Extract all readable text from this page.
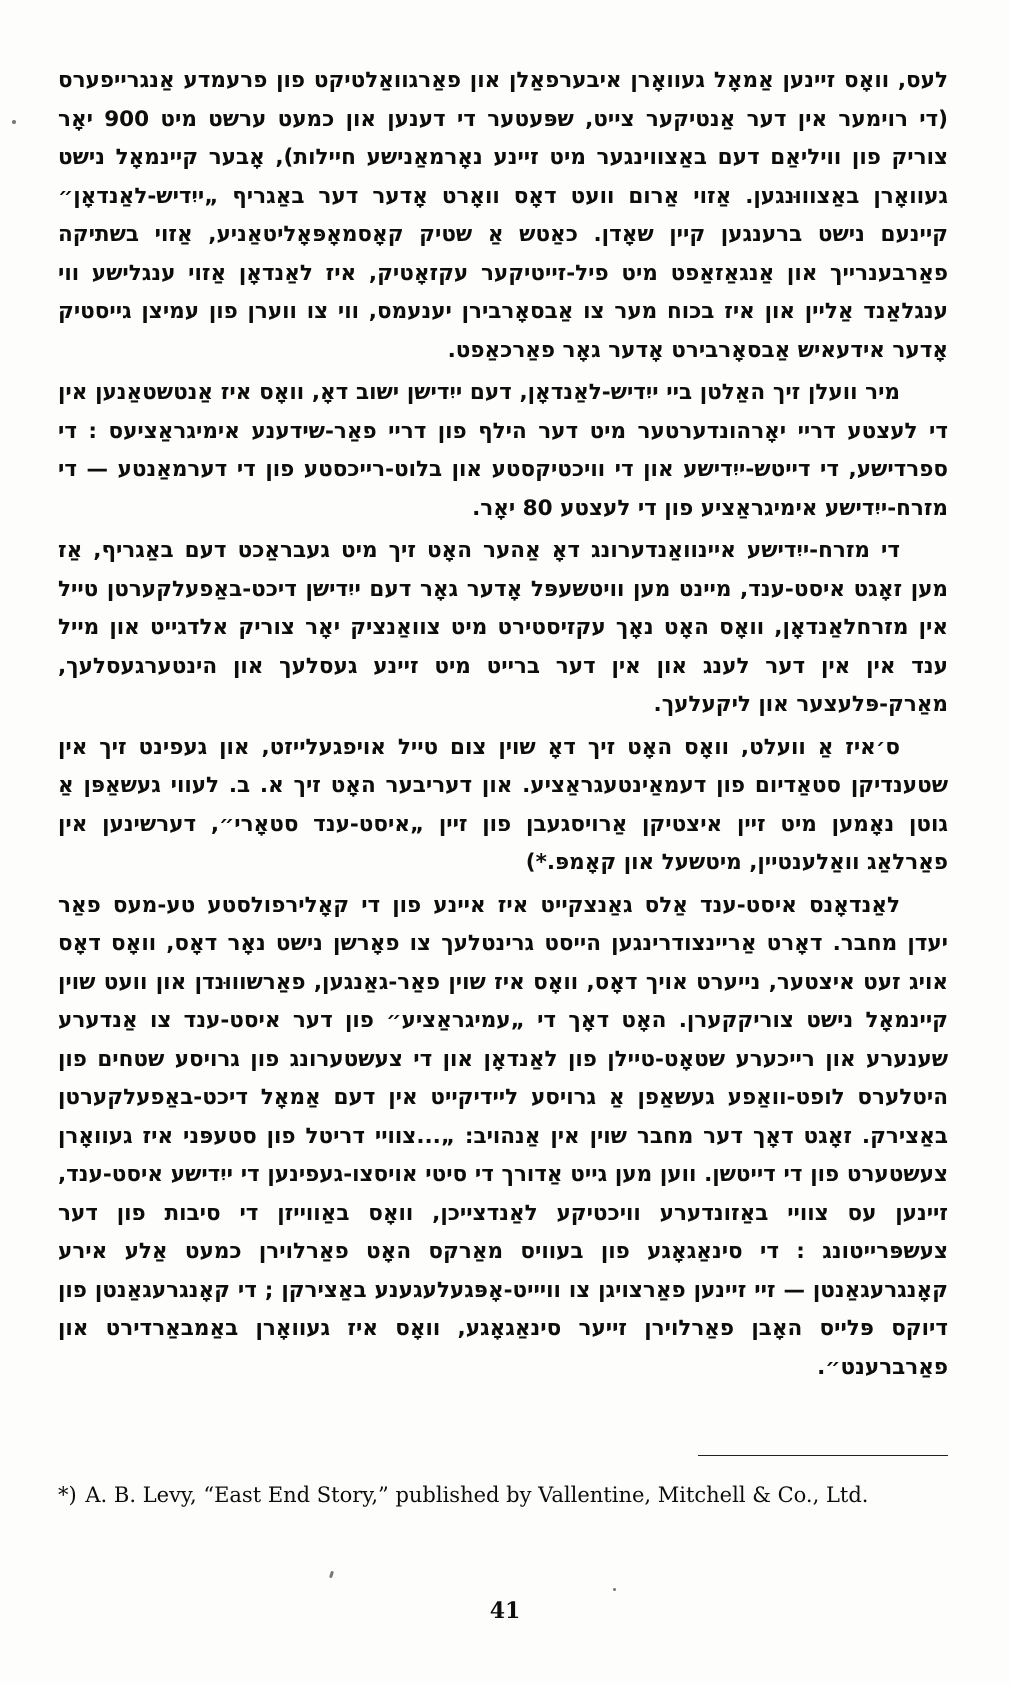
לעס, וואָס זיינען אַמאָל געוואָרן איבערפאַלן און פאַרגוואַלטיקט פון פרעמדע אַנגרייפערס (די רוימער אין דער אַנטיקער צייט, שפּעטער די דענען און כמעט ערשט מיט 900 יאָר צוריק פון וויליאַם דעם באַצווינגער מיט זיינע נאָרמאַנישע חיילות), אָבער קיינמאָל נישט געוואָרן באַצוווּנגען. אַזוי אַרום וועט דאָס וואָרט אָדער דער באַגריף „ייִדיש-לאַנדאָן״ קיינעם נישט ברענגען קיין שאָדן. כאַטש אַ שטיק קאָסמאָפּאָליטאַניע, אַזוי בשתיקה פאַרבענרייך און אַנגאַזאַפט מיט פיל-זייטיקער עקזאָטיק, איז לאַנדאָן אַזוי ענגלישע ווי ענגלאַנד אַליין און איז בכוח מער צו אַבסאָרבירן יענעמס, ווי צו ווערן פון עמיצן גייסטיק אָדער אידעאיש אַבסאָרבירט אָדער גאָר פאַרכאַפט.

מיר וועלן זיך האַלטן ביי ייִדיש-לאַנדאָן, דעם ייִדישן ישוב דאָ, וואָס איז אַנטשטאַנען אין די לעצטע דריי יאָרהונדערטער מיט דער הילף פון דריי פאַר-שידענע אימיגראַציעס : די ספרדישע, די דייטש-ייִדישע און די וויכטיקסטע און בלוט-רייכסטע פון די דערמאַנטע — די מזרח-ייִדישע אימיגראַציע פון די לעצטע 80 יאָר.

די מזרח-ייִדישע איינוואַנדערונג דאָ אַהער האָט זיך מיט געבראַכט דעם באַגריף, אַז מען זאָגט איסט-ענד, מיינט מען וויטשעפּל אָדער גאָר דעם ייִדישן דיכט-באַפעלקערטן טייל אין מזרחלאַנדאָן, וואָס האָט נאָך עקזיסטירט מיט צוואַנציק יאָר צוריק אלדגייט און מייל ענד אין אין דער לענג און אין דער ברייט מיט זיינע געסלעך און הינטערגעסלעך, מאַרק-פּלעצער און ליקעלעך.

ס׳איז אַ וועלט, וואָס האָט זיך דאָ שוין צום טייל אויפגעלייזט, און געפינט זיך אין שטענדיקן סטאַדיום פון דעמאַינטעגראַציע. און דעריבער האָט זיך א. ב. לעווי געשאַפּן אַ גוטן נאָמען מיט זיין איצטיקן אַרויסגעבן פון זיין „איסט-ענד סטאָרי״, דערשינען אין פאַרלאַג וואַלענטיין, מיטשעל און קאָמפּ.*)

לאַנדאָנס איסט-ענד אַלס גאַנצקייט איז איינע פון די קאָלירפולסטע טע-מעס פאַר יעדן מחבר. דאָרט אַריינצודרינגען הייסט גרינטלעך צו פאָרשן נישט נאָר דאָס, וואָס דאָס אויג זעט איצטער, נייערט אויך דאָס, וואָס איז שוין פאַר-גאַנגען, פאַרשוווּנדן און וועט שוין קיינמאָל נישט צוריקקערן. האָט דאָך די „עמיגראַציע״ פון דער איסט-ענד צו אַנדערע שענערע און רייכערע שטאָט-טיילן פון לאַנדאָן און די צעשטערונג פון גרויסע שטחים פון היטלערס לופט-וואַפע געשאַפן אַ גרויסע ליידיקייט אין דעם אַמאָל דיכט-באַפעלקערטן באַצירק. זאָגט דאָך דער מחבר שוין אין אַנהויב: „...צוויי דריטל פון סטעפּני איז געוואָרן צעשטערט פון די דייטשן. ווען מען גייט אַדורך די סיטי אויסצו-געפינען די ייִדישע איסט-ענד, זיינען עס צוויי באַזונדערע וויכטיקע לאַנדצייכן, וואָס באַווייזן די סיבות פון דער צעשפּרייטונג : די סינאַגאָגע פון בעוויס מאַרקס האָט פאַרלוירן כמעט אַלע אירע קאָנגרעגאַנטן — זיי זיינען פאַרצויגן צו וויייט-אָפּגעלעגענע באַצירקן ; די קאָנגרעגאַנטן פון דיוקס פּלייס האָבן פאַרלוירן זייער סינאַגאָגע, וואָס איז געוואָרן באַמבאַרדירט און פאַרברענט״.

*) A. B. Levy, “East End Story,” published by Vallentine, Mitchell & Co., Ltd.
41
